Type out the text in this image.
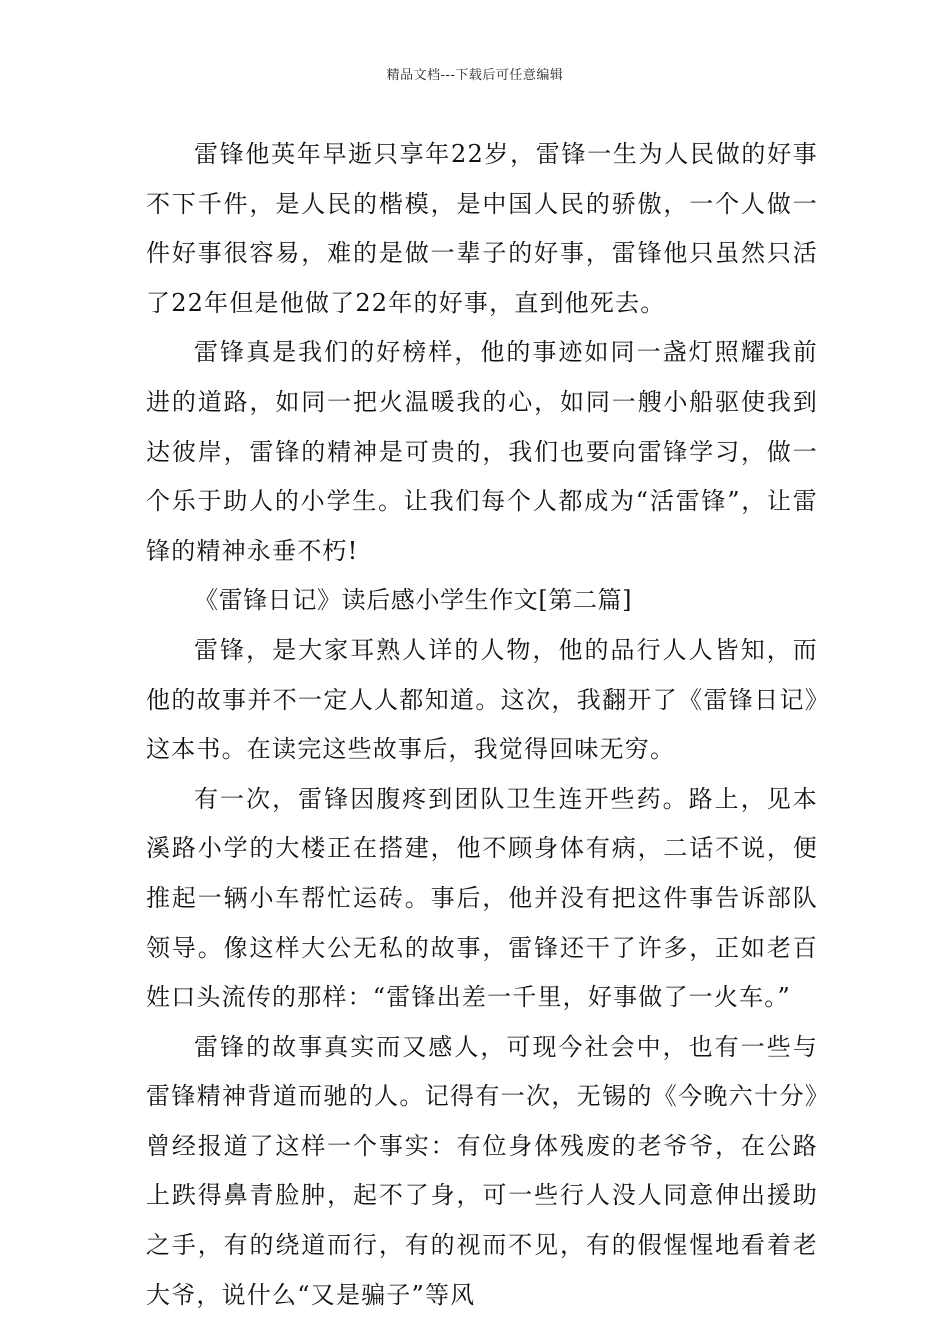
精品文档---下载后可任意编辑

雷锋他英年早逝只享年22岁，雷锋一生为人民做的好事不下千件，是人民的楷模，是中国人民的骄傲，一个人做一件好事很容易，难的是做一辈子的好事，雷锋他只虽然只活了22年但是他做了22年的好事，直到他死去。

雷锋真是我们的好榜样，他的事迹如同一盏灯照耀我前进的道路，如同一把火温暖我的心，如同一艘小船驱使我到达彼岸，雷锋的精神是可贵的，我们也要向雷锋学习，做一个乐于助人的小学生。让我们每个人都成为“活雷锋”，让雷锋的精神永垂不朽!

《雷锋日记》读后感小学生作文[第二篇]

雷锋，是大家耳熟人详的人物，他的品行人人皆知，而他的故事并不一定人人都知道。这次，我翻开了《雷锋日记》这本书。在读完这些故事后，我觉得回味无穷。

有一次，雷锋因腹疼到团队卫生连开些药。路上，见本溪路小学的大楼正在搭建，他不顾身体有病，二话不说，便推起一辆小车帮忙运砖。事后，他并没有把这件事告诉部队领导。像这样大公无私的故事，雷锋还干了许多，正如老百姓口头流传的那样：“雷锋出差一千里，好事做了一火车。”

雷锋的故事真实而又感人，可现今社会中，也有一些与雷锋精神背道而驰的人。记得有一次，无锡的《今晚六十分》曾经报道了这样一个事实：有位身体残废的老爷爷，在公路上跌得鼻青脸肿，起不了身，可一些行人没人同意伸出援助之手，有的绕道而行，有的视而不见，有的假惺惺地看着老大爷，说什么“又是骗子”等风
